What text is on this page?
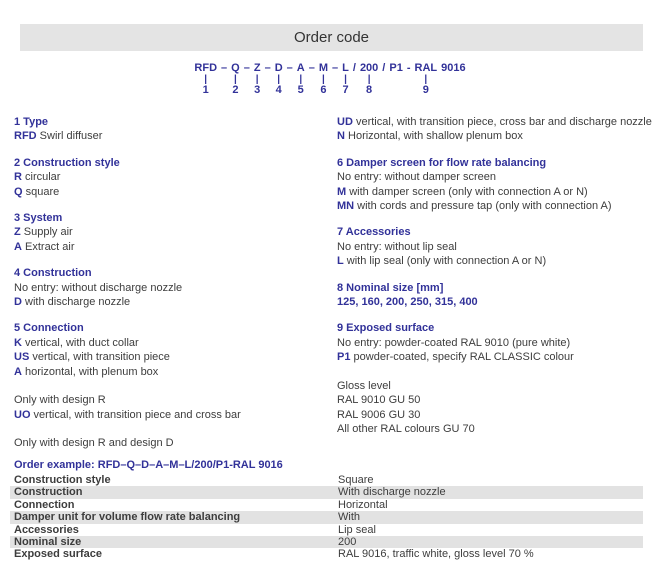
Order code
RFD
|
1
–

Q
|
2
–

Z
|
3
–

D
|
4
–

A
|
5
–

M
|
6
–

L
|
7
/

200
|
8
/

P1

-

RAL
|
9
9016

1 Type
RFD Swirl diffuser
2 Construction style
R circular
Q square
3 System
Z Supply air
A Extract air
4 Construction
No entry: without discharge nozzle
D with discharge nozzle
5 Connection
K vertical, with duct collar
US vertical, with transition piece
A horizontal, with plenum box
Only with design R
UO vertical, with transition piece and cross bar
Only with design R and design D
UD vertical, with transition piece, cross bar and discharge nozzle
N Horizontal, with shallow plenum box
6 Damper screen for flow rate balancing
No entry: without damper screen
M with damper screen (only with connection A or N)
MN with cords and pressure tap (only with connection A)
7 Accessories
No entry: without lip seal
L with lip seal (only with connection A or N)
8 Nominal size [mm]
125, 160, 200, 250, 315, 400
9 Exposed surface
No entry: powder-coated RAL 9010 (pure white)
P1 powder-coated, specify RAL CLASSIC colour
Gloss level
RAL 9010 GU 50
RAL 9006 GU 30
All other RAL colours GU 70
Order example: RFD–Q–D–A–M–L/200/P1-RAL 9016
Construction style	Square
Construction	With discharge nozzle
Connection	Horizontal
Damper unit for volume flow rate balancing	With
Accessories	Lip seal
Nominal size	200
Exposed surface	RAL 9016, traffic white, gloss level 70 %
